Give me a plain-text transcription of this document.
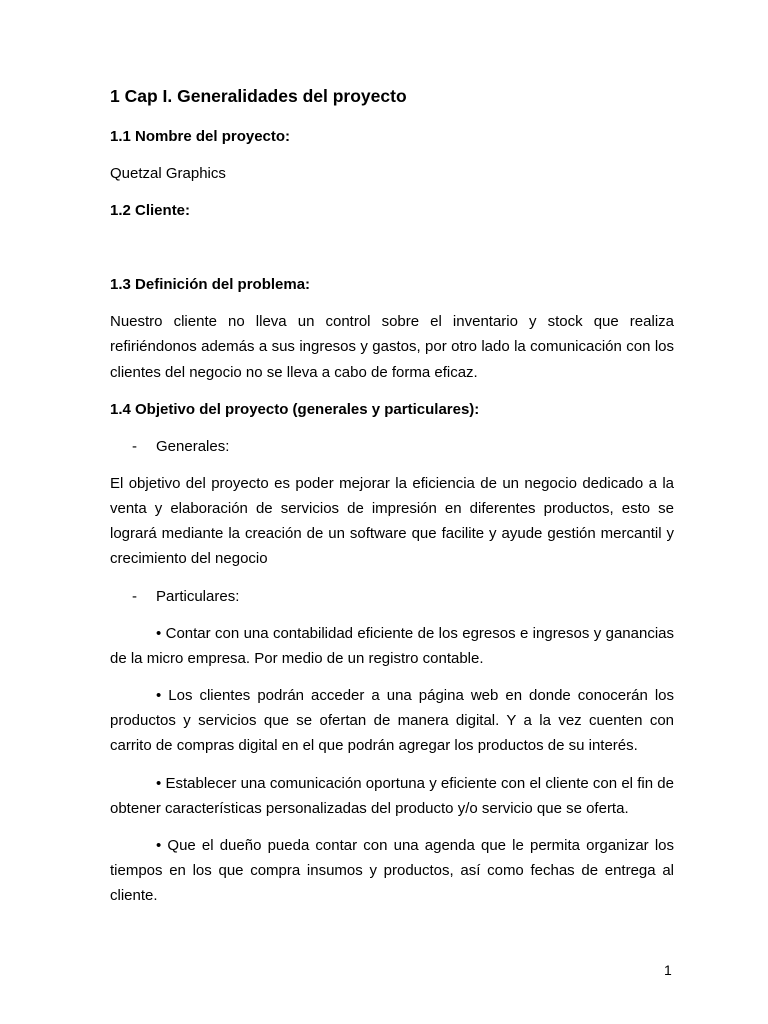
1 Cap I. Generalidades del proyecto
1.1 Nombre del proyecto:
Quetzal Graphics
1.2 Cliente:
1.3 Definición del problema:
Nuestro cliente no lleva un control sobre el inventario y stock que realiza refiriéndonos además a sus ingresos y gastos, por otro lado la comunicación con los clientes del negocio no se lleva a cabo de forma eficaz.
1.4 Objetivo del proyecto (generales y particulares):
-	Generales:
El objetivo del proyecto es poder mejorar la eficiencia de un negocio dedicado a la venta y elaboración de servicios de impresión en diferentes productos, esto se logrará mediante la creación de un software que facilite y ayude gestión mercantil y crecimiento del negocio
-	Particulares:
• Contar con una contabilidad eficiente de los egresos e ingresos y ganancias de la micro empresa. Por medio de un registro contable.
• Los clientes podrán acceder a una página web en donde conocerán los productos y servicios que se ofertan de manera digital. Y a la vez cuenten con carrito de compras digital en el que podrán agregar los productos de su interés.
• Establecer una comunicación oportuna y eficiente con el cliente con el fin de obtener características personalizadas del producto y/o servicio que se oferta.
• Que el dueño pueda contar con una agenda que le permita organizar los tiempos en los que compra insumos y productos, así como fechas de entrega al cliente.
1
